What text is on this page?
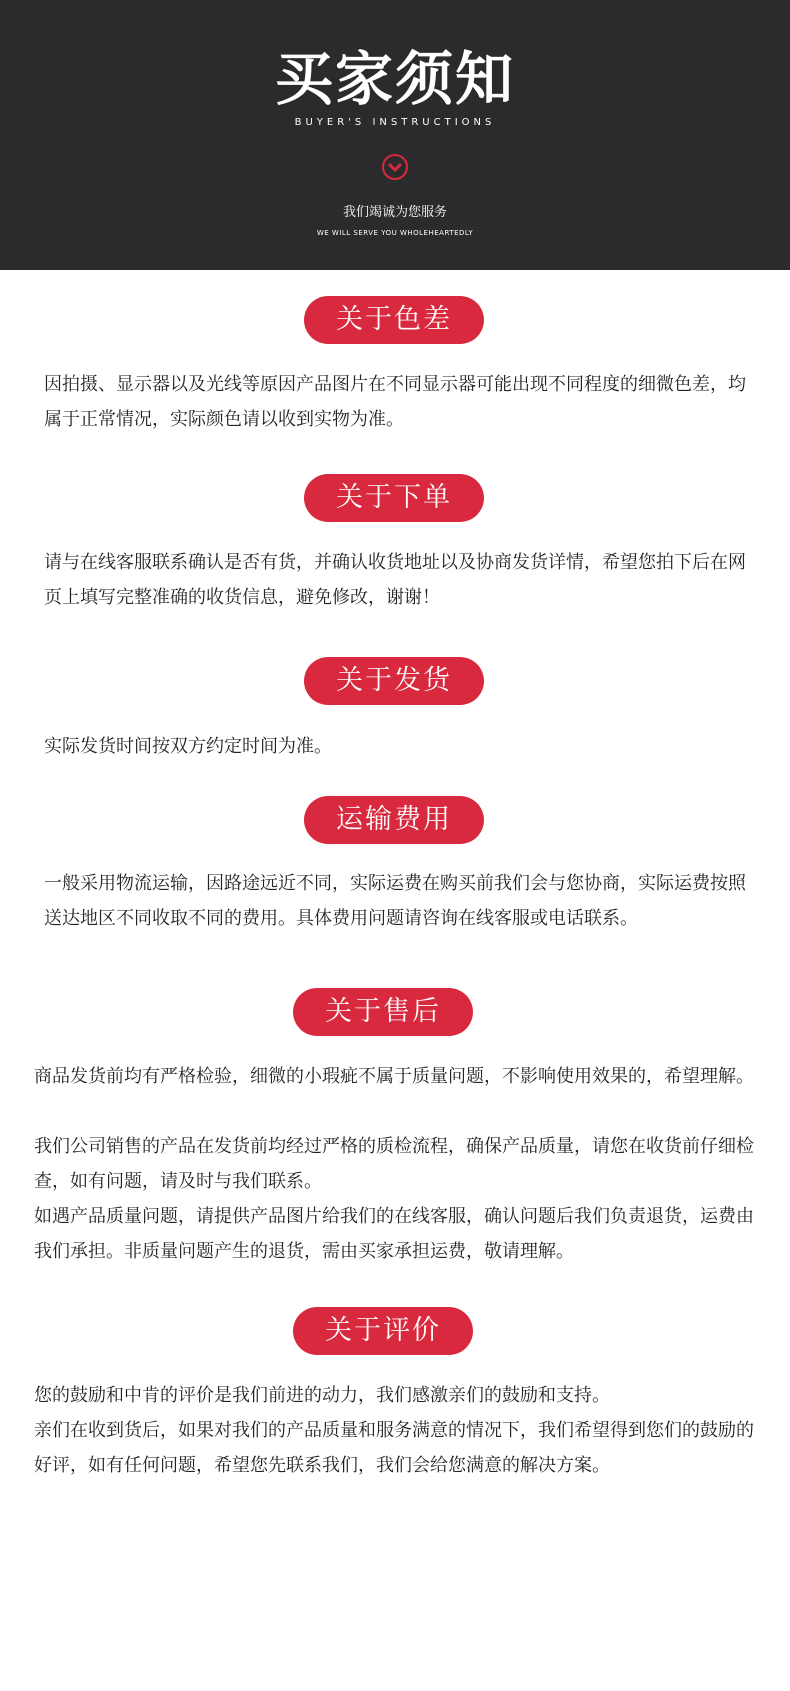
买家须知
BUYER'S INSTRUCTIONS
我们竭诚为您服务
WE WILL SERVE YOU WHOLEHEARTEDLY
关于色差

因拍摄、显示器以及光线等原因产品图片在不同显示器可能出现不同程度的细微色差，均属于正常情况，实际颜色请以收到实物为准。

关于下单

请与在线客服联系确认是否有货，并确认收货地址以及协商发货详情，希望您拍下后在网页上填写完整准确的收货信息，避免修改，谢谢！

关于发货

实际发货时间按双方约定时间为准。

运输费用

一般采用物流运输，因路途远近不同，实际运费在购买前我们会与您协商，实际运费按照送达地区不同收取不同的费用。具体费用问题请咨询在线客服或电话联系。

关于售后

商品发货前均有严格检验，细微的小瑕疵不属于质量问题，不影响使用效果的，希望理解。

我们公司销售的产品在发货前均经过严格的质检流程，确保产品质量，请您在收货前仔细检查，如有问题，请及时与我们联系。

如遇产品质量问题，请提供产品图片给我们的在线客服，确认问题后我们负责退货，运费由我们承担。非质量问题产生的退货，需由买家承担运费，敬请理解。

关于评价

您的鼓励和中肯的评价是我们前进的动力，我们感激亲们的鼓励和支持。

亲们在收到货后，如果对我们的产品质量和服务满意的情况下，我们希望得到您们的鼓励的好评，如有任何问题，希望您先联系我们，我们会给您满意的解决方案。
